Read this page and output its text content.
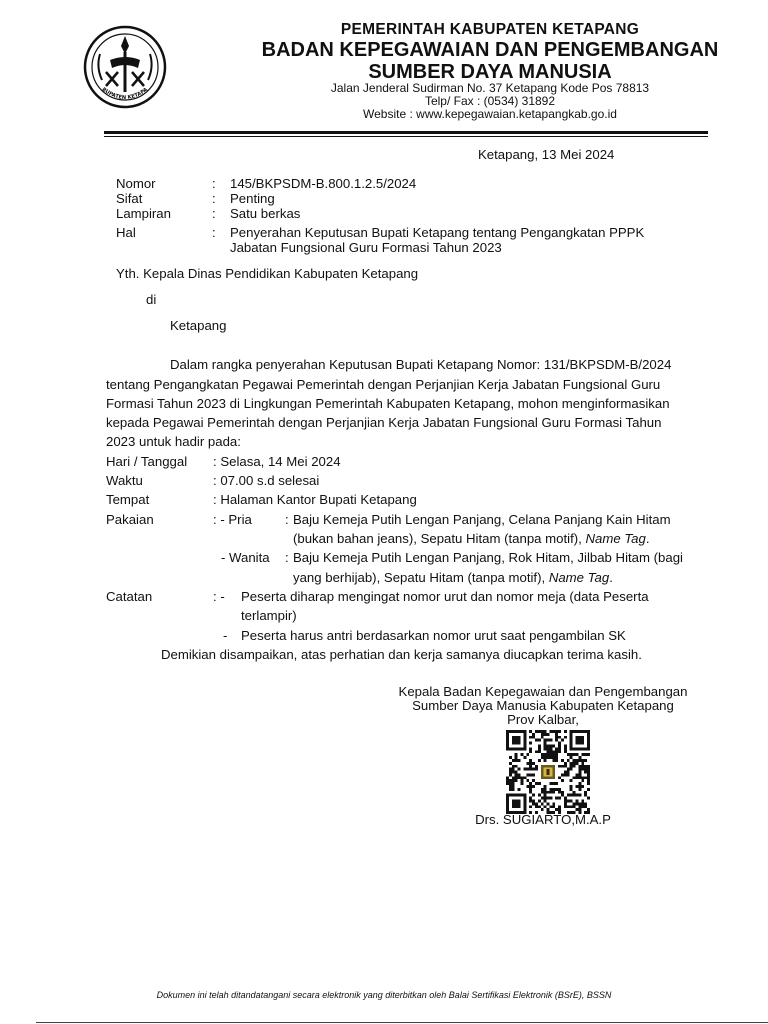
BUPATEN KETAPA
PEMERINTAH KABUPATEN KETAPANG
BADAN KEPEGAWAIAN DAN PENGEMBANGAN
SUMBER DAYA MANUSIA
Jalan Jenderal Sudirman No. 37 Ketapang Kode Pos 78813
Telp/ Fax : (0534) 31892
Website : www.kepegawaian.ketapangkab.go.id
Ketapang, 13 Mei 2024
Nomor	: 145/BKPSDM-B.800.1.2.5/2024
Sifat	: Penting
Lampiran	: Satu berkas
Hal	: Penyerahan Keputusan Bupati Ketapang tentang Pengangkatan PPPK
Jabatan Fungsional Guru Formasi Tahun 2023
Yth. Kepala Dinas Pendidikan Kabupaten Ketapang
di
Ketapang
Dalam rangka penyerahan Keputusan Bupati Ketapang Nomor: 131/BKPSDM-B/2024
tentang Pengangkatan Pegawai Pemerintah dengan Perjanjian Kerja Jabatan Fungsional Guru
Formasi Tahun 2023 di Lingkungan Pemerintah Kabupaten Ketapang, mohon menginformasikan
kepada Pegawai Pemerintah dengan Perjanjian Kerja Jabatan Fungsional Guru Formasi Tahun
2023 untuk hadir pada:
Hari / Tanggal : Selasa, 14 Mei 2024
Waktu	: 07.00 s.d selesai
Tempat	: Halaman Kantor Bupati Ketapang
Pakaian	: - Pria	: Baju Kemeja Putih Lengan Panjang, Celana Panjang Kain Hitam
(bukan bahan jeans), Sepatu Hitam (tanpa motif), Name Tag.
- Wanita : Baju Kemeja Putih Lengan Panjang, Rok Hitam, Jilbab Hitam (bagi
yang berhijab), Sepatu Hitam (tanpa motif), Name Tag.
Catatan	: - Peserta diharap mengingat nomor urut dan nomor meja (data Peserta
terlampir)
- Peserta harus antri berdasarkan nomor urut saat pengambilan SK
Demikian disampaikan, atas perhatian dan kerja samanya diucapkan terima kasih.
Kepala Badan Kepegawaian dan Pengembangan
Sumber Daya Manusia Kabupaten Ketapang
Prov Kalbar,
Drs. SUGIARTO,M.A.P
Dokumen ini telah ditandatangani secara elektronik yang diterbitkan oleh Balai Sertifikasi Elektronik (BSrE), BSSN
